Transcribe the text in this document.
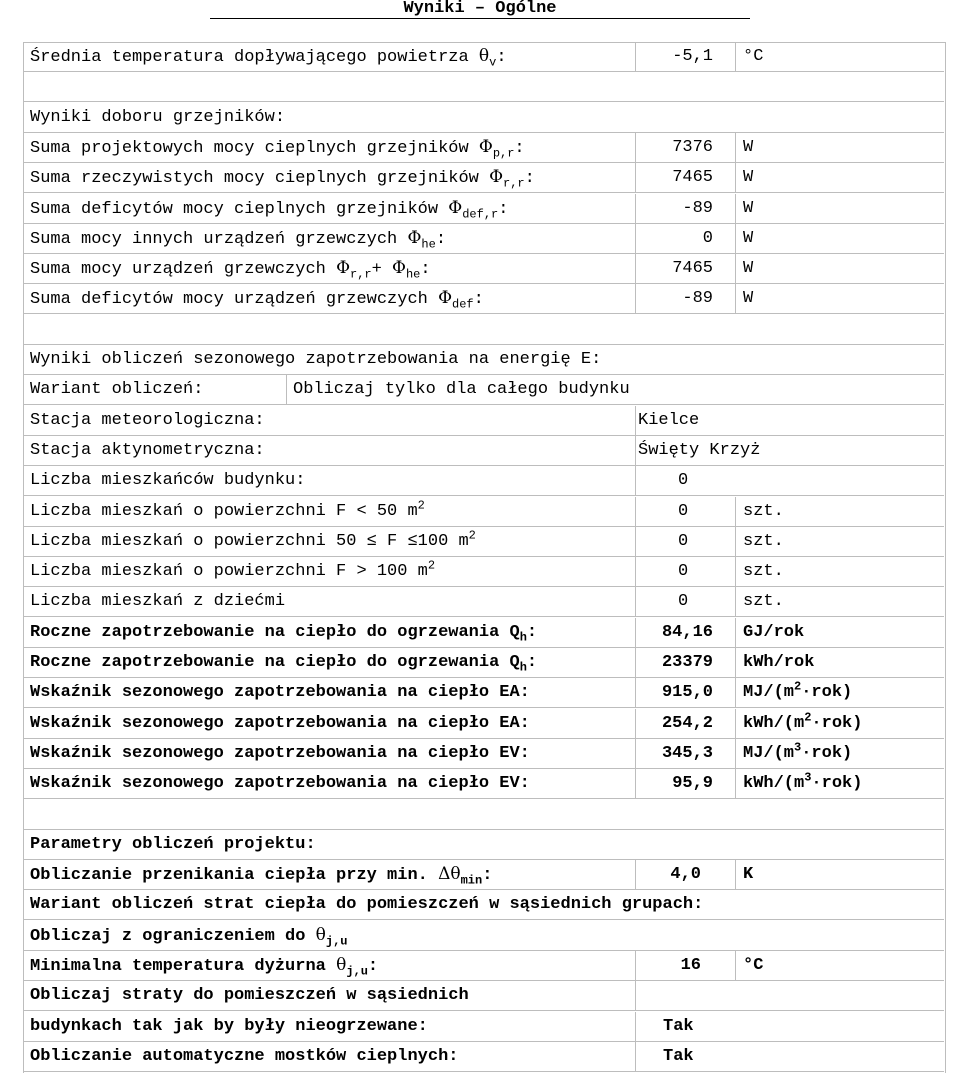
Wyniki – Ogólne
Średnia temperatura dopływającego powietrza $\theta_v$:	-5,1 °C
Wyniki doboru grzejników:
Suma projektowych mocy cieplnych grzejników $\Phi_{p,r}$:	7376 W
Suma rzeczywistych mocy cieplnych grzejników $\Phi_{r,r}$:	7465 W
Suma deficytów mocy cieplnych grzejników $\Phi_{def,r}$:	-89 W
Suma mocy innych urządzeń grzewczych $\Phi_{he}$:	0 W
Suma mocy urządzeń grzewczych $\Phi_{r,r}+ \Phi_{he}$:	7465 W
Suma deficytów mocy urządzeń grzewczych $\Phi_{def}$:	-89 W
Wyniki obliczeń sezonowego zapotrzebowania na energię E:
Wariant obliczeń:	Obliczaj tylko dla całego budynku
Stacja meteorologiczna:	Kielce
Stacja aktynometryczna:	Święty Krzyż
Liczba mieszkańców budynku:	0
Liczba mieszkań o powierzchni F < 50 $m^2$	0	szt.
Liczba mieszkań o powierzchni 50 ≤ F ≤100 $m^2$	0	szt.
Liczba mieszkań o powierzchni F > 100 $m^2$	0	szt.
Liczba mieszkań z dziećmi	0	szt.
Roczne zapotrzebowanie na ciepło do ogrzewania $Q_h$:	84,16 GJ/rok
Roczne zapotrzebowanie na ciepło do ogrzewania $Q_h$:	23379 kWh/rok
Wskaźnik sezonowego zapotrzebowania na ciepło EA:	915,0 $MJ/(m^2\cdot rok)$
Wskaźnik sezonowego zapotrzebowania na ciepło EA:	254,2 kWh/$(m^2\cdot rok)$
Wskaźnik sezonowego zapotrzebowania na ciepło EV:	345,3 $MJ/(m^3\cdot rok)$
Wskaźnik sezonowego zapotrzebowania na ciepło EV:	95,9 kWh/$(m^3\cdot rok)$
Parametry obliczeń projektu:
Obliczanie przenikania ciepła przy min. $\Delta\theta_{min}$:	4,0 K
Wariant obliczeń strat ciepła do pomieszczeń w sąsiednich grupach:
Obliczaj z ograniczeniem do $\theta_{j,u}$
Minimalna temperatura dyżurna $\theta_{j,u}$:	16 °C
Obliczaj straty do pomieszczeń w sąsiednich
budynkach tak jak by były nieogrzewane:	Tak
Obliczanie automatyczne mostków cieplnych:	Tak
